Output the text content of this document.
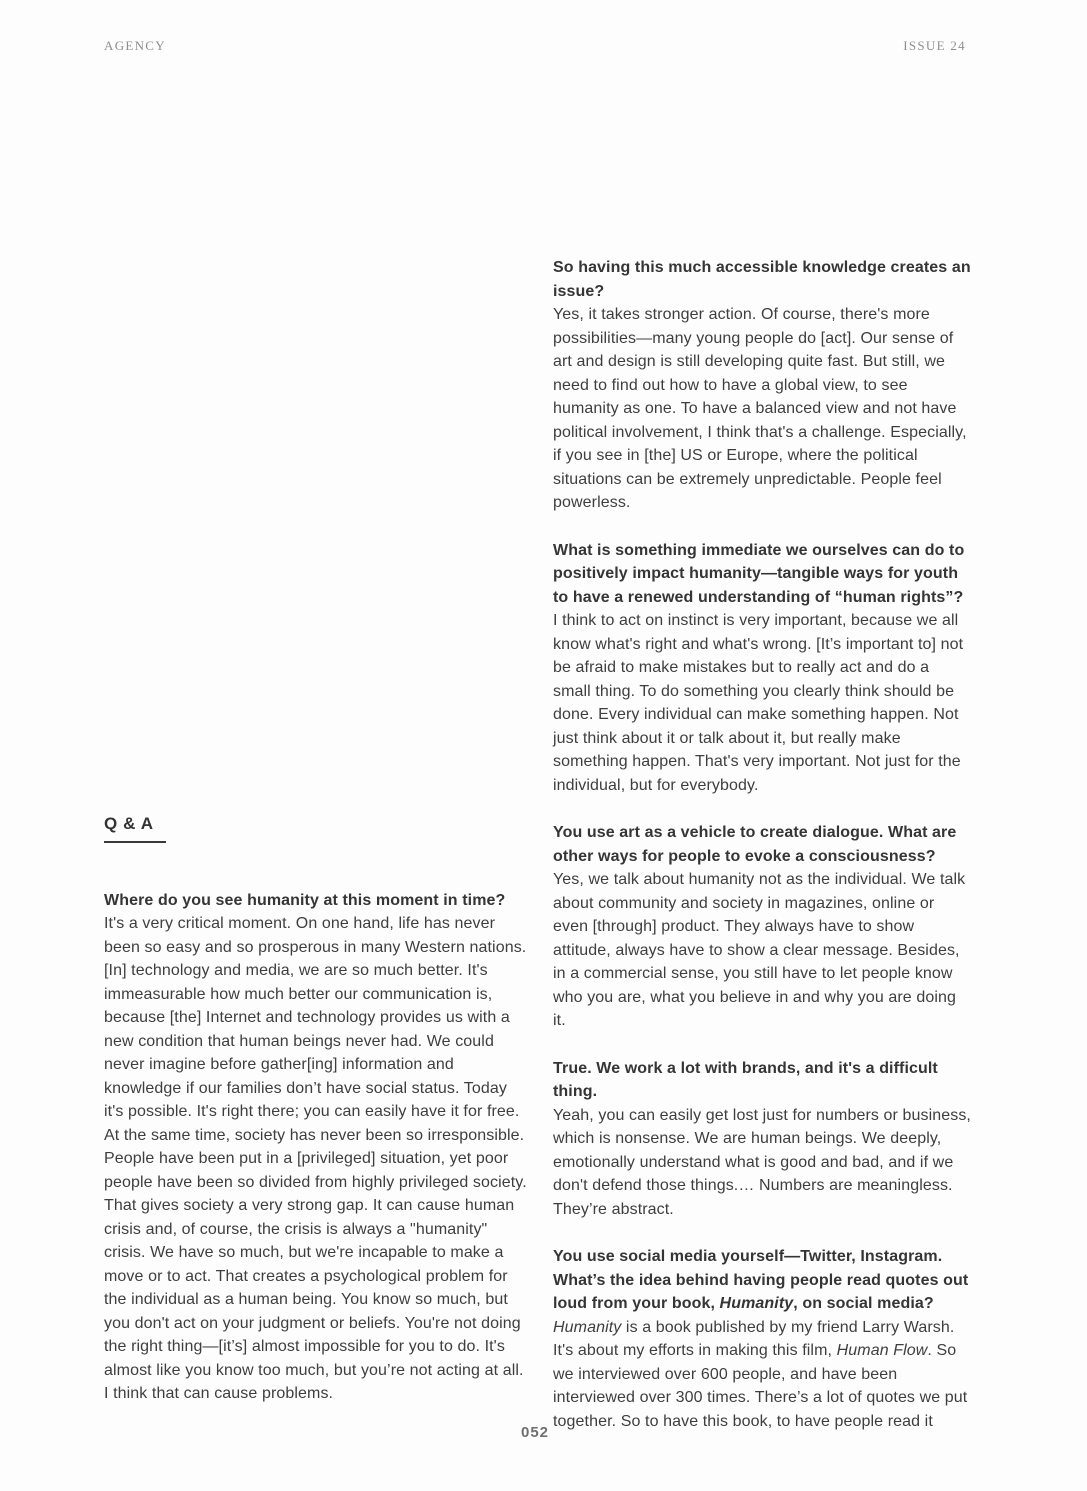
AGENCY	ISSUE 24
Q & A

Where do you see humanity at this moment in time?

It's a very critical moment. On one hand, life has never been so easy and so prosperous in many Western nations. [In] technology and media, we are so much better. It's immeasurable how much better our communication is, because [the] Internet and technology provides us with a new condition that human beings never had. We could never imagine before gather[ing] information and knowledge if our families don’t have social status. Today it's possible. It's right there; you can easily have it for free. At the same time, society has never been so irresponsible. People have been put in a [privileged] situation, yet poor people have been so divided from highly privileged society. That gives society a very strong gap. It can cause human crisis and, of course, the crisis is always a "humanity" crisis. We have so much, but we're incapable to make a move or to act. That creates a psychological problem for the individual as a human being. You know so much, but you don't act on your judgment or beliefs. You're not doing the right thing—[it’s] almost impossible for you to do. It's almost like you know too much, but you’re not acting at all. I think that can cause problems.

So having this much accessible knowledge creates an issue?

Yes, it takes stronger action. Of course, there's more possibilities—many young people do [act]. Our sense of art and design is still developing quite fast. But still, we need to find out how to have a global view, to see humanity as one. To have a balanced view and not have political involvement, I think that's a challenge. Especially, if you see in [the] US or Europe, where the political situations can be extremely unpredictable. People feel powerless.

What is something immediate we ourselves can do to positively impact humanity—tangible ways for youth to have a renewed understanding of “human rights”?

I think to act on instinct is very important, because we all know what's right and what's wrong. [It’s important to] not be afraid to make mistakes but to really act and do a small thing. To do something you clearly think should be done. Every individual can make something happen. Not just think about it or talk about it, but really make something happen. That's very important. Not just for the individual, but for everybody.

You use art as a vehicle to create dialogue. What are other ways for people to evoke a consciousness?

Yes, we talk about humanity not as the individual. We talk about community and society in magazines, online or even [through] product. They always have to show attitude, always have to show a clear message. Besides, in a commercial sense, you still have to let people know who you are, what you believe in and why you are doing it.

True. We work a lot with brands, and it's a difficult thing.

Yeah, you can easily get lost just for numbers or business, which is nonsense. We are human beings. We deeply, emotionally understand what is good and bad, and if we don't defend those things.… Numbers are meaningless. They’re abstract.

You use social media yourself—Twitter, Instagram. What’s the idea behind having people read quotes out loud from your book, Humanity, on social media?

Humanity is a book published by my friend Larry Warsh. It's about my efforts in making this film, Human Flow. So we interviewed over 600 people, and have been interviewed over 300 times. There’s a lot of quotes we put together. So to have this book, to have people read it

052
